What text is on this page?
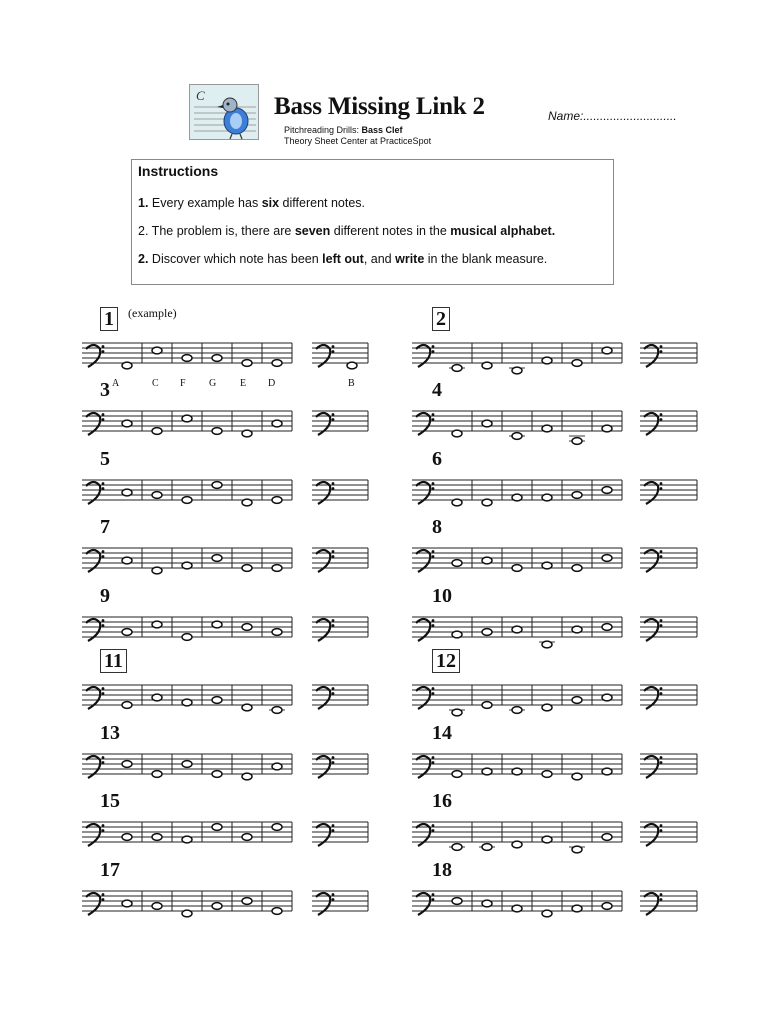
C	Bass Missing Link 2
Pitchreading Drills: Bass Clef
Theory Sheet Center at PracticeSpot
Name:............................

Instructions

1. Every example has six different notes.

2. The problem is, there are seven different notes in the musical alphabet.

2. Discover which note has been left out, and write in the blank measure.

(example)
A	C F G E D	B
1	2
3	4
5	6
7	8
9	10
11	12
13	14
15	16
17	18
